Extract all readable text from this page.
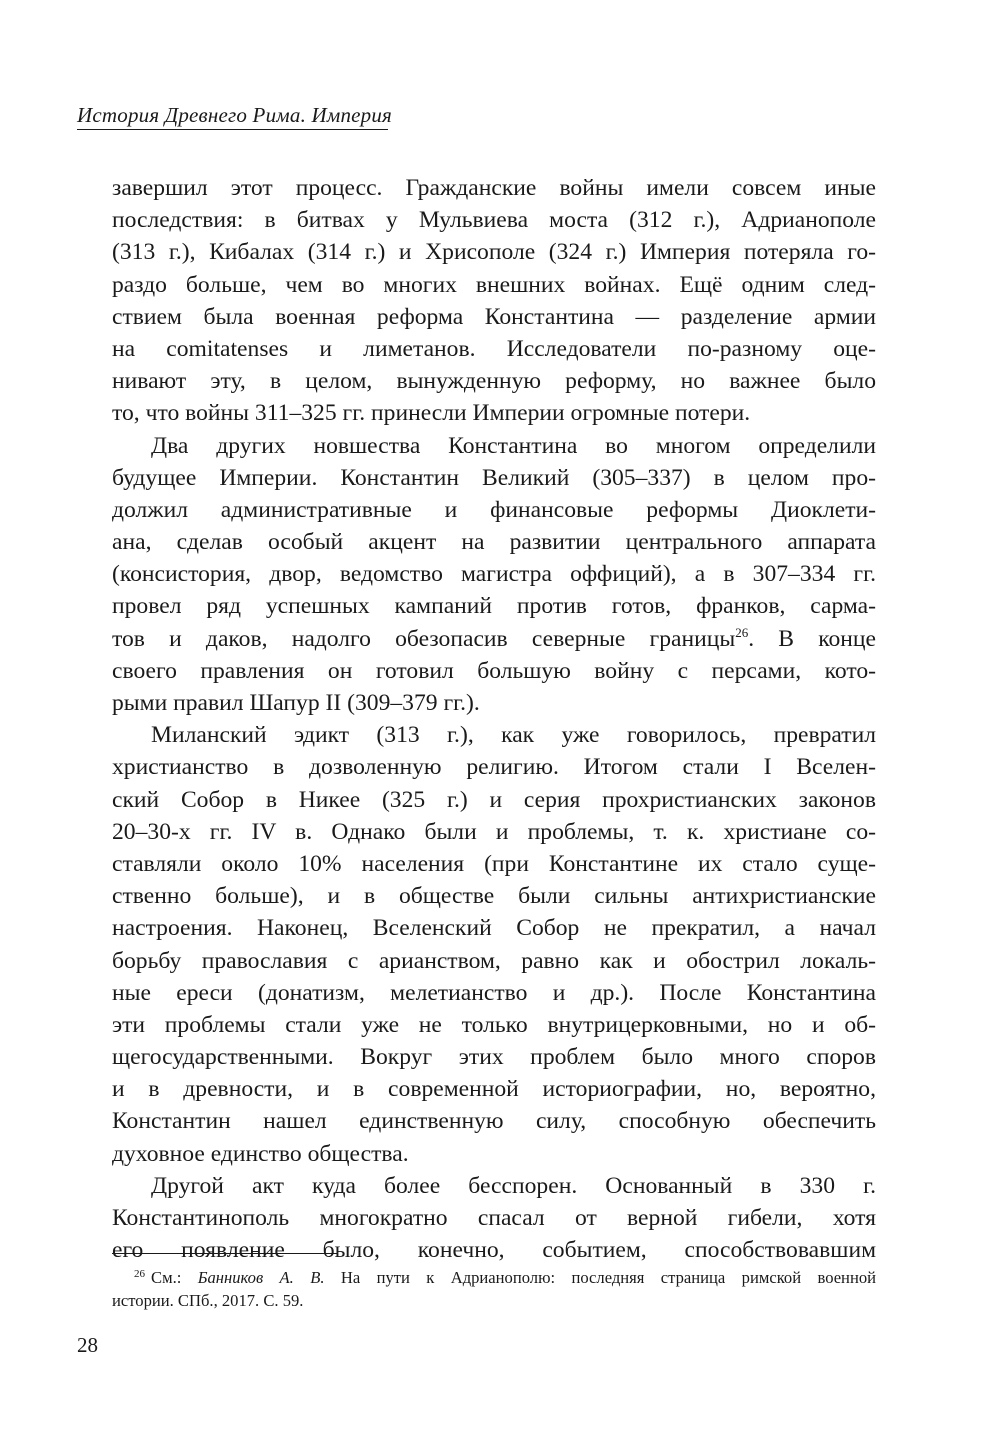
История Древнего Рима. Империя
завершил этот процесс. Гражданские войны имели совсем иные
последствия: в битвах у Мульвиева моста (312 г.), Адрианополе
(313 г.), Кибалах (314 г.) и Хрисополе (324 г.) Империя потеряла го-
раздо больше, чем во многих внешних войнах. Ещё одним след-
ствием была военная реформа Константина — разделение армии
на comitatenses и лиметанов. Исследователи по-разному оце-
нивают эту, в целом, вынужденную реформу, но важнее было
то, что войны 311–325 гг. принесли Империи огромные потери.
Два других новшества Константина во многом определили
будущее Империи. Константин Великий (305–337) в целом про-
должил административные и финансовые реформы Диоклети-
ана, сделав особый акцент на развитии центрального аппарата
(консистория, двор, ведомство магистра оффиций), а в 307–334 гг.
провел ряд успешных кампаний против готов, франков, сарма-
тов и даков, надолго обезопасив северные границы$^{26}$. В конце
своего правления он готовил большую войну с персами, кото-
рыми правил Шапур II (309–379 гг.).
Миланский эдикт (313 г.), как уже говорилось, превратил
христианство в дозволенную религию. Итогом стали I Вселен-
ский Собор в Никее (325 г.) и серия прохристианских законов
20–30-х гг. IV в. Однако были и проблемы, т. к. христиане со-
ставляли около 10% населения (при Константине их стало суще-
ственно больше), и в обществе были сильны антихристианские
настроения. Наконец, Вселенский Собор не прекратил, а начал
борьбу православия с арианством, равно как и обострил локаль-
ные ереси (донатизм, мелетианство и др.). После Константина
эти проблемы стали уже не только внутрицерковными, но и об-
щегосударственными. Вокруг этих проблем было много споров
и в древности, и в современной историографии, но, вероятно,
Константин нашел единственную силу, способную обеспечить
духовное единство общества.
Другой акт куда более бесспорен. Основанный в 330 г.
Константинополь многократно спасал от верной гибели, хотя
его появление было, конечно, событием, способствовавшим
$^{26}$ См.: Банников А. В. На пути к Адрианополю: последняя страница римской военной
истории. СПб., 2017. С. 59.
28
